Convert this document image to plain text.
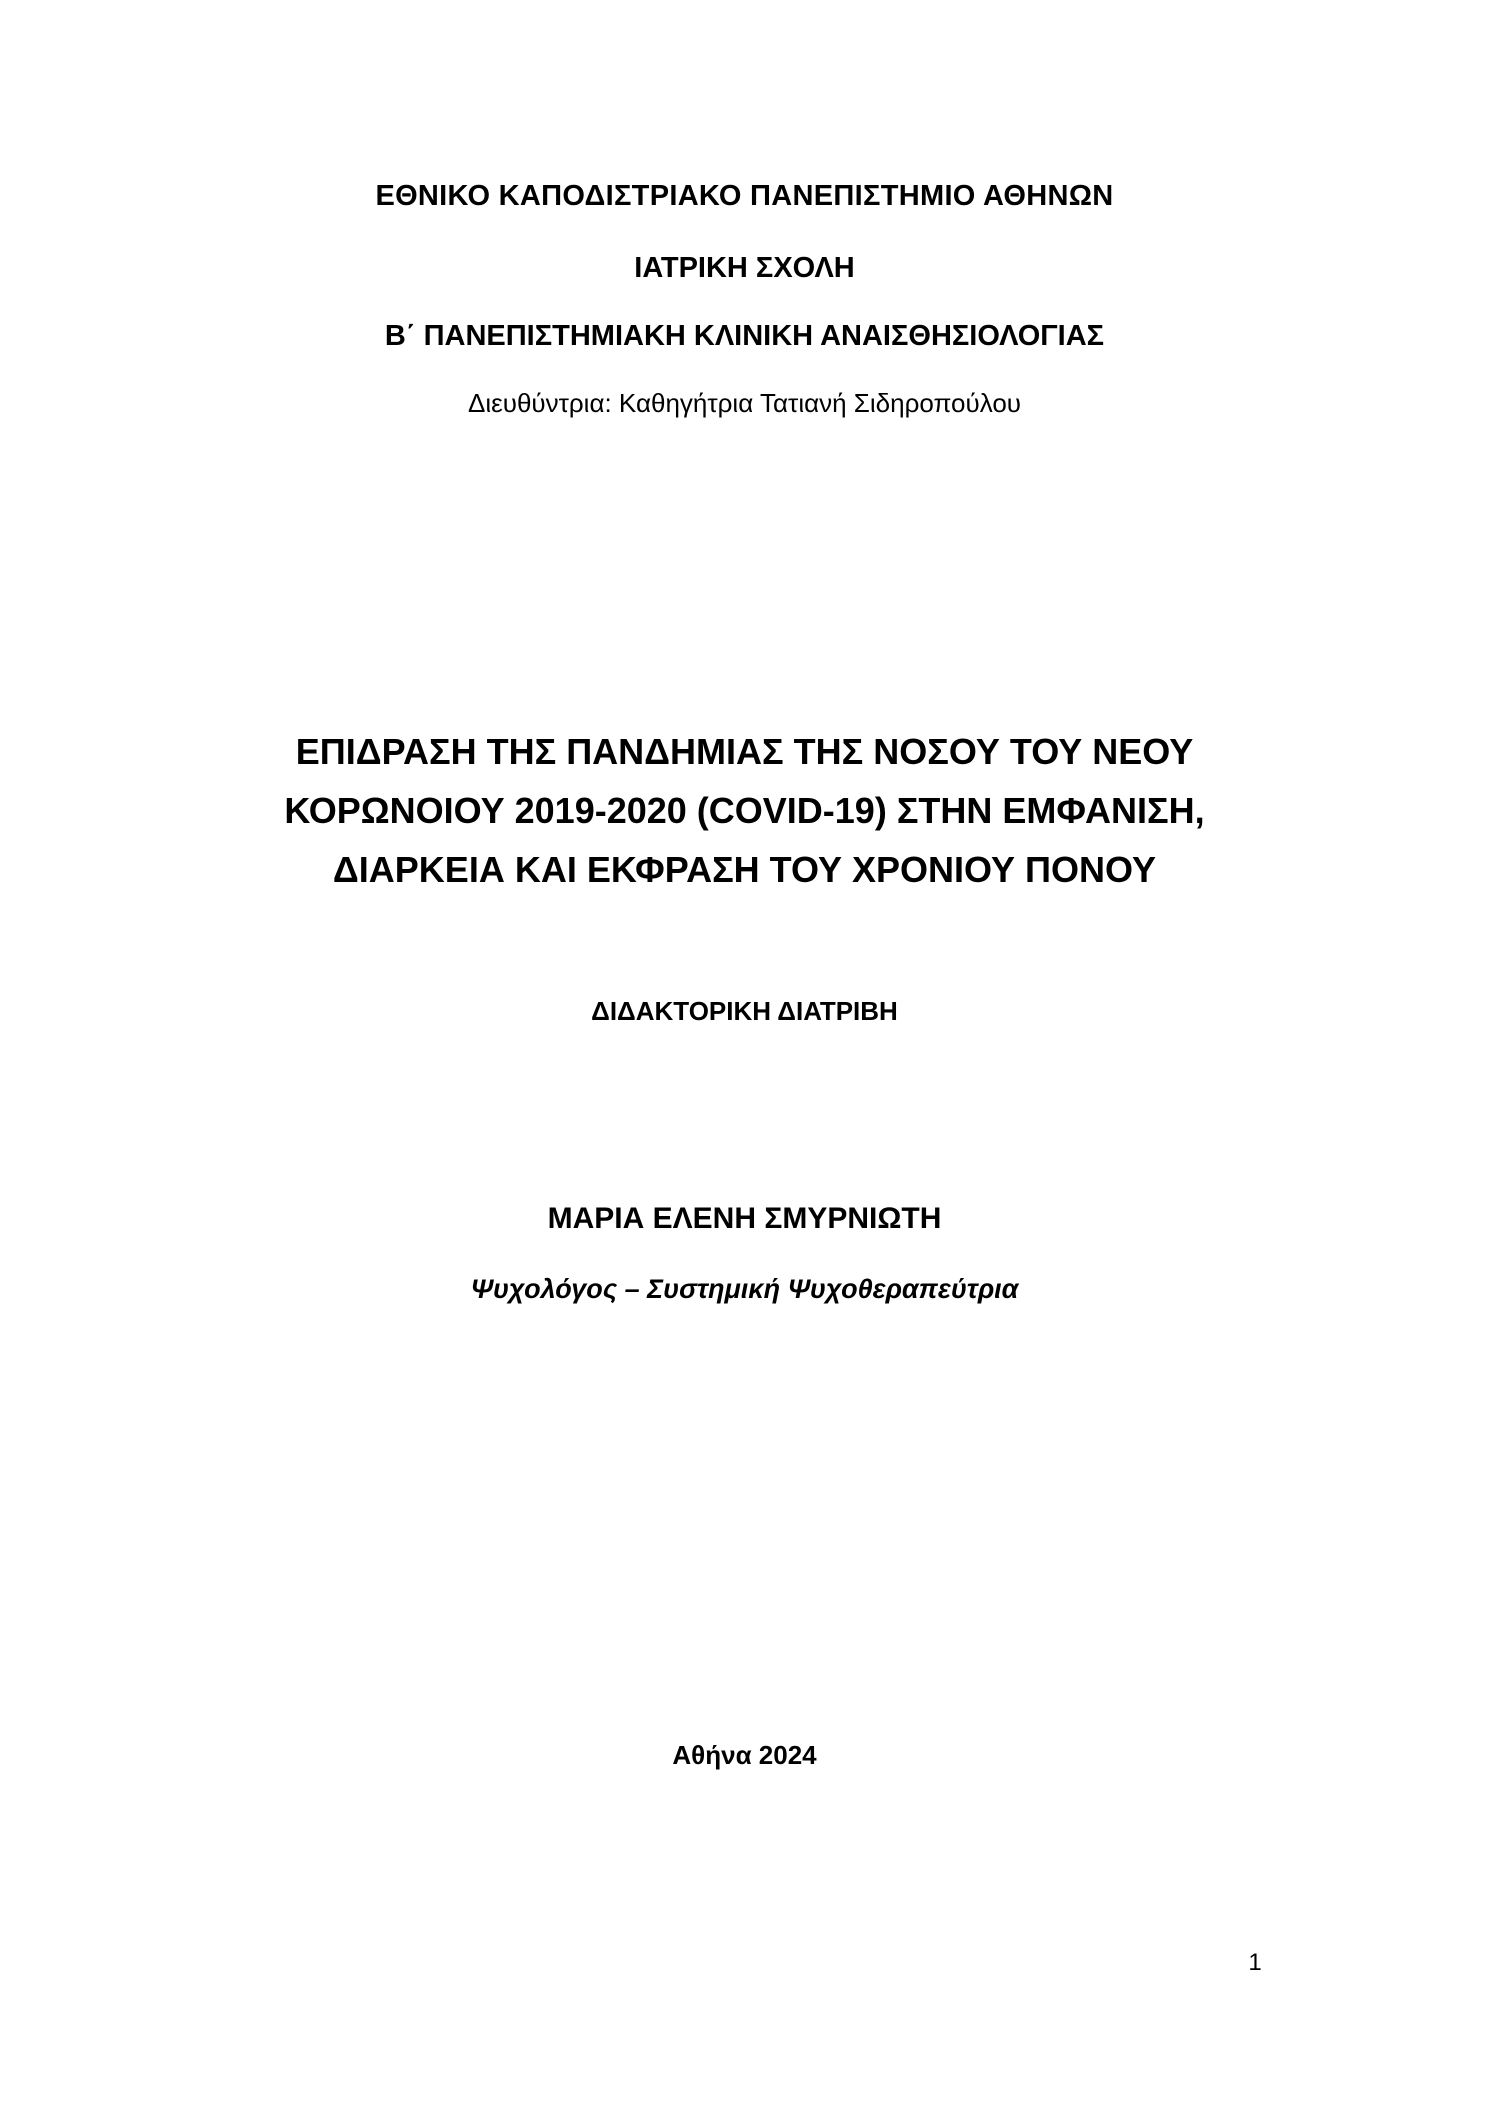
ΕΘΝΙΚΟ ΚΑΠΟΔΙΣΤΡΙΑΚΟ ΠΑΝΕΠΙΣΤΗΜΙΟ ΑΘΗΝΩΝ
ΙΑΤΡΙΚΗ ΣΧΟΛΗ
Β΄ ΠΑΝΕΠΙΣΤΗΜΙΑΚΗ ΚΛΙΝΙΚΗ ΑΝΑΙΣΘΗΣΙΟΛΟΓΙΑΣ
Διευθύντρια: Καθηγήτρια Τατιανή Σιδηροπούλου
ΕΠΙΔΡΑΣΗ ΤΗΣ ΠΑΝΔΗΜΙΑΣ ΤΗΣ ΝΟΣΟΥ ΤΟΥ ΝΕΟΥ
ΚΟΡΩΝΟΙΟΥ 2019-2020 (COVID-19) ΣΤΗΝ ΕΜΦΑΝΙΣΗ,
ΔΙΑΡΚΕΙΑ ΚΑΙ ΕΚΦΡΑΣΗ ΤΟΥ ΧΡΟΝΙΟΥ ΠΟΝΟΥ
ΔΙΔΑΚΤΟΡΙΚΗ ΔΙΑΤΡΙΒΗ
ΜΑΡΙΑ ΕΛΕΝΗ ΣΜΥΡΝΙΩΤΗ
Ψυχολόγος – Συστημική Ψυχοθεραπεύτρια
Αθήνα 2024
1
